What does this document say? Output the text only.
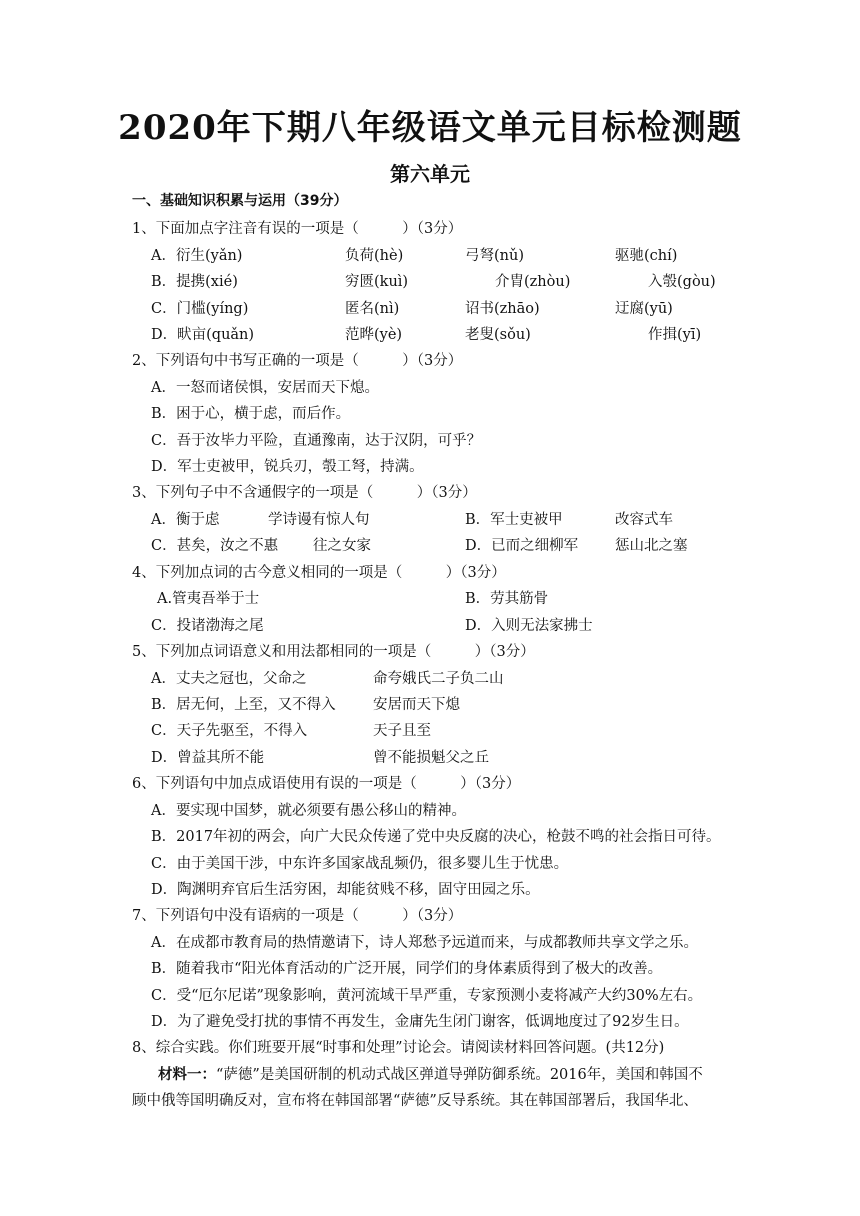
2020年下期八年级语文单元目标检测题
第六单元
一、基础知识积累与运用（39分）
1、下面加点字注音有误的一项是（　　　）（3分）
A．衍生(yǎn)	负荷(hè)	弓弩(nǔ)	驱驰(chí)
B．提携(xié)	穷匮(kuì)	介胄(zhòu)	入彀(gòu)
C．门槛(yíng)	匿名(nì)	诏书(zhāo)	迂腐(yū)
D．畎亩(quǎn)	范晔(yè)	老叟(sǒu)	作揖(yī)
2、下列语句中书写正确的一项是（　　　）（3分）
A．一怒而诸侯惧，安居而天下熄。
B．困于心，横于虑，而后作。
C．吾于汝毕力平险，直通豫南，达于汉阴，可乎？
D．军士吏被甲，锐兵刃，彀工弩，持满。
3、下列句子中不含通假字的一项是（　　　）（3分）
A．衡于虑	学诗谩有惊人句	B．军士吏被甲	改容式车
C．甚矣，汝之不惠 往之女家	D．已而之细柳军	惩山北之塞
4、下列加点词的古今意义相同的一项是（　　　）（3分）
A.管夷吾举于士	B．劳其筋骨
C．投诸渤海之尾	D．入则无法家拂士
5、下列加点词语意义和用法都相同的一项是（　　　）（3分）
A．丈夫之冠也，父命之	命夸娥氏二子负二山
B．居无何，上至，又不得入	安居而天下熄
C．天子先驱至，不得入	天子且至
D．曾益其所不能	曾不能损魁父之丘
6、下列语句中加点成语使用有误的一项是（　　　）（3分）
A．要实现中国梦，就必须要有愚公移山的精神。
B．2017年初的两会，向广大民众传递了党中央反腐的决心，枪鼓不鸣的社会指日可待。
C．由于美国干涉，中东许多国家战乱频仍，很多婴儿生于忧患。
D．陶渊明弃官后生活穷困，却能贫贱不移，固守田园之乐。
7、下列语句中没有语病的一项是（　　　）（3分）
A．在成都市教育局的热情邀请下，诗人郑愁予远道而来，与成都教师共享文学之乐。
B．随着我市“阳光体育活动的广泛开展，同学们的身体素质得到了极大的改善。
C．受“厄尔尼诺”现象影响，黄河流域干旱严重，专家预测小麦将减产大约30%左右。
D．为了避免受打扰的事情不再发生，金庸先生闭门谢客，低调地度过了92岁生日。
8、综合实践。你们班要开展“时事和处理”讨论会。请阅读材料回答问题。(共12分)
材料一：“萨德”是美国研制的机动式战区弹道导弹防御系统。2016年，美国和韩国不
顾中俄等国明确反对，宣布将在韩国部署“萨德”反导系统。其在韩国部署后，我国华北、
